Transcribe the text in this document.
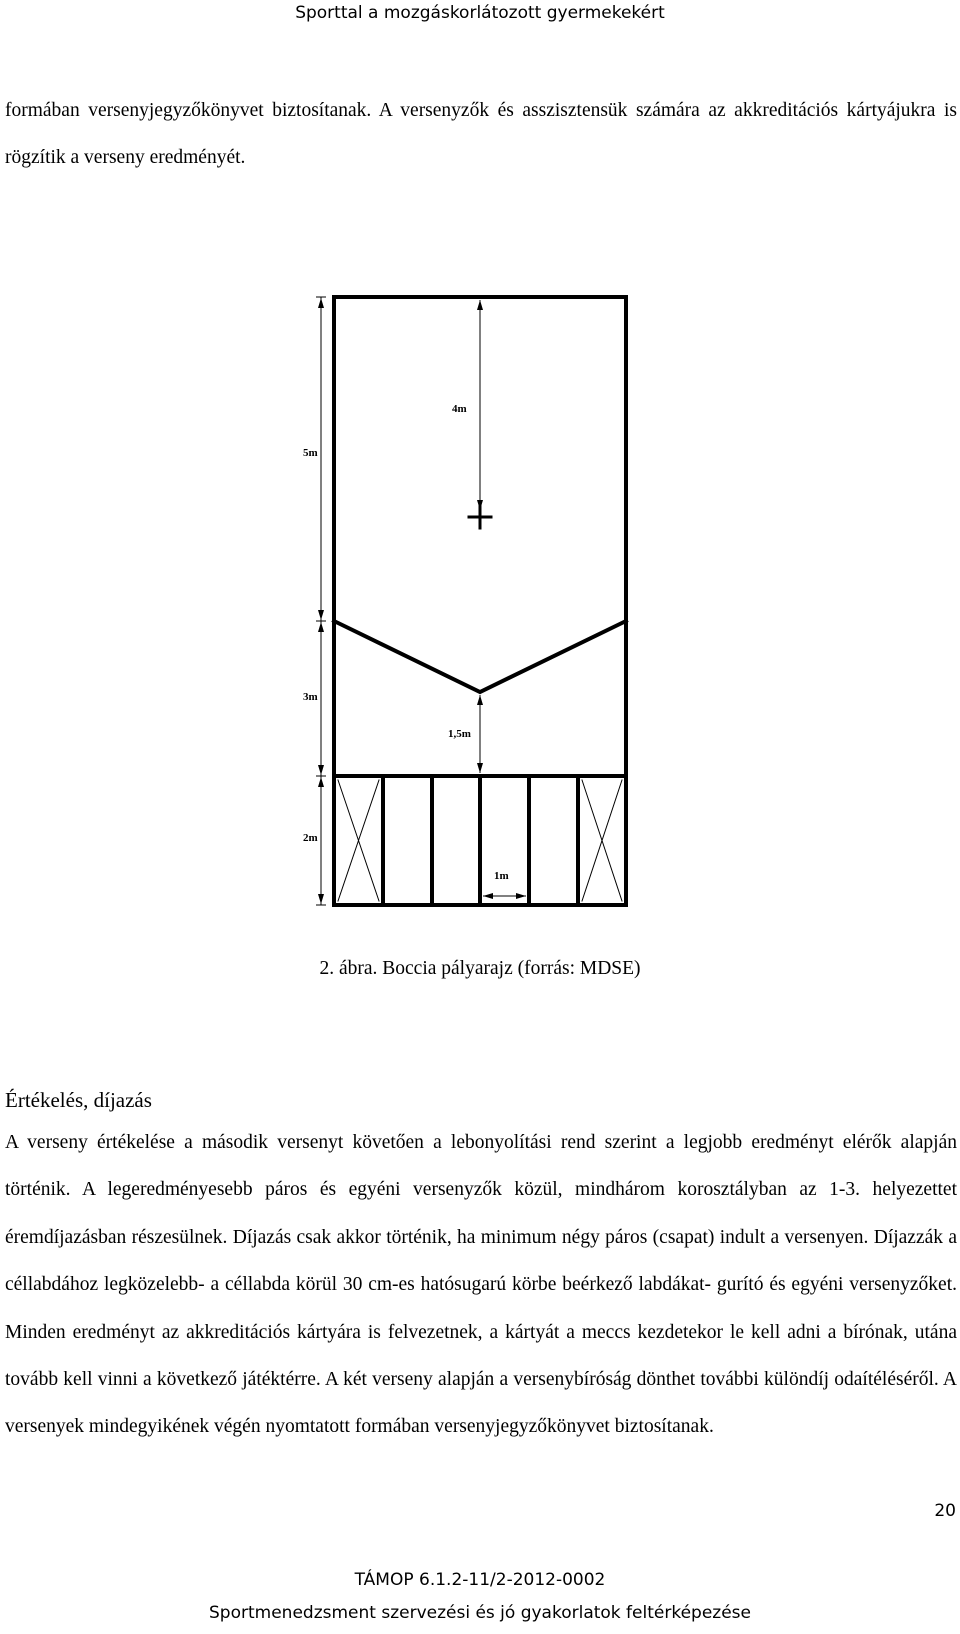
Sporttal a mozgáskorlátozott gyermekekért

formában versenyjegyzőkönyvet biztosítanak. A versenyzők és asszisztensük számára az akkreditációs kártyájukra is rögzítik a verseny eredményét.

5m
4m
3m
1,5m
2m
1m
2. ábra. Boccia pályarajz (forrás: MDSE)
Értékelés, díjazás

A verseny értékelése a második versenyt követően a lebonyolítási rend szerint a legjobb eredményt elérők alapján történik. A legeredményesebb páros és egyéni versenyzők közül, mindhárom korosztályban az 1-3. helyezettet éremdíjazásban részesülnek. Díjazás csak akkor történik, ha minimum négy páros (csapat) indult a versenyen. Díjazzák a céllabdához legközelebb- a céllabda körül 30 cm-es hatósugarú körbe beérkező labdákat- gurító és egyéni versenyzőket. Minden eredményt az akkreditációs kártyára is felvezetnek, a kártyát a meccs kezdetekor le kell adni a bírónak, utána tovább kell vinni a következő játéktérre. A két verseny alapján a versenybíróság dönthet további különdíj odaítéléséről. A versenyek mindegyikének végén nyomtatott formában versenyjegyzőkönyvet biztosítanak.

20
TÁMOP 6.1.2-11/2-2012-0002
Sportmenedzsment szervezési és jó gyakorlatok feltérképezése
